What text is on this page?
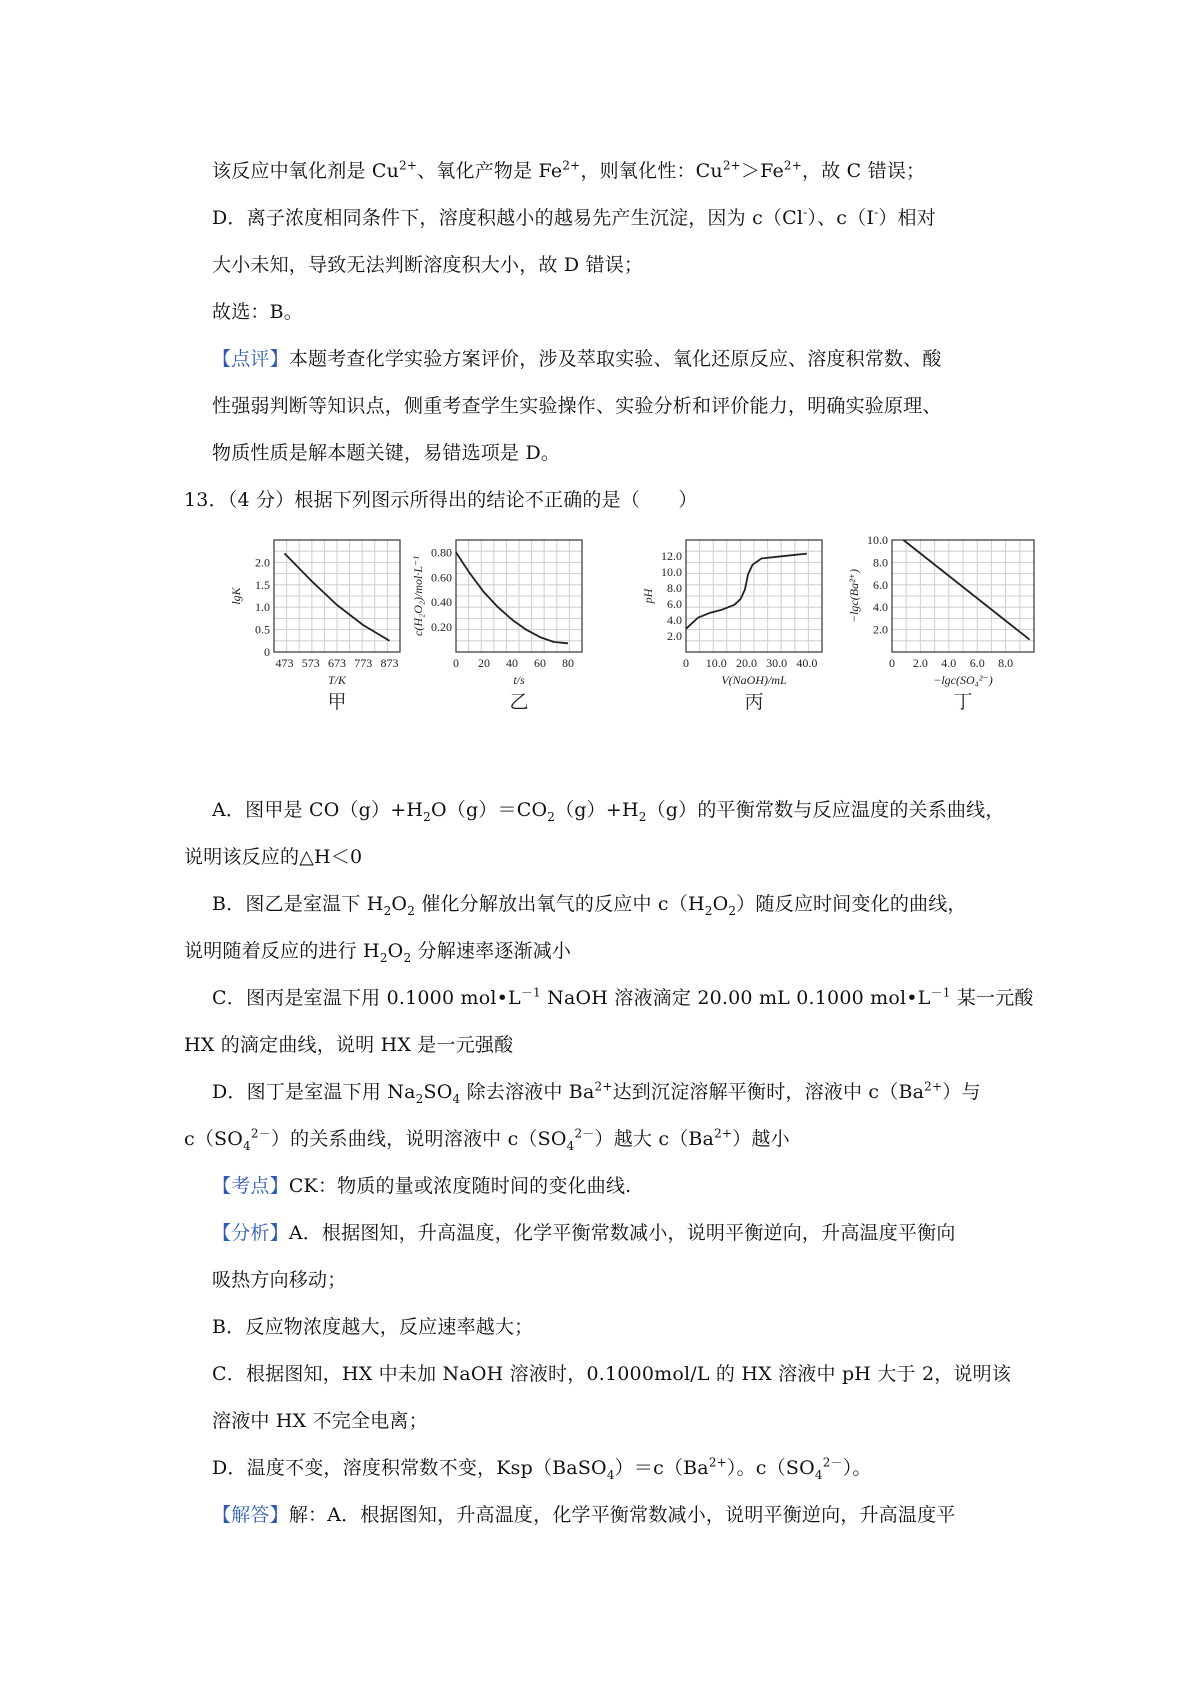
该反应中氧化剂是 $Cu^{2+}$、氧化产物是 $Fe^{2+}$，则氧化性：$Cu^{2+}>Fe^{2+}$，故 C 错误；
D．离子浓度相同条件下，溶度积越小的越易先产生沉淀，因为 c（Cl-）、c（I-）相对
大小未知，导致无法判断溶度积大小，故 D 错误；
故选：B。
【点评】本题考查化学实验方案评价，涉及萃取实验、氧化还原反应、溶度积常数、酸
性强弱判断等知识点，侧重考查学生实验操作、实验分析和评价能力，明确实验原理、
物质性质是解本题关键，易错选项是 D。
13．（4 分）根据下列图示所得出的结论不正确的是（　　）
473 573 673 773 873
0
0.5
1.0
1.5
2.0
T/K
lgK
甲
0 20 40 60 80
0.20
0.40
0.60
0.80
t/s
c(H₂O₂)/mol·L⁻¹
乙
0 10.0 20.0 30.0 40.0
2.0
4.0
6.0
8.0
10.0
12.0
V(NaOH)/mL
pH
丙
0 2.0 4.0 6.0 8.0
2.0
4.0
6.0
8.0
10.0
−lgc(SO₄²⁻)
−lgc(Ba²⁺)
丁
A．图甲是 $CO(g)+H_2O(g)=CO_2(g)+H_2(g)$的平衡常数与反应温度的关系曲线，
说明该反应的△H＜0
B．图乙是室温下 $H_2O_2$ 催化分解放出氧气的反应中 $c(H_2O_2)$随反应时间变化的曲线，
说明随着反应的进行 $H_2O_2$ 分解速率逐渐减小
C．图丙是室温下用 0.1000 $mol•L^{-1}$ NaOH 溶液滴定 20.00 mL 0.1000 $mol•L^{-1}$ 某一元酸
HX 的滴定曲线，说明 HX 是一元强酸
D．图丁是室温下用 $Na_2SO_4$ 除去溶液中 $Ba^{2+}$达到沉淀溶解平衡时，溶液中 $c(Ba^{2+})$与
$c(SO_4^{2-})$的关系曲线，说明溶液中 $c(SO_4^{2-})$越大 $c(Ba^{2+})$越小
【考点】CK：物质的量或浓度随时间的变化曲线.
【分析】A．根据图知，升高温度，化学平衡常数减小，说明平衡逆向，升高温度平衡向
吸热方向移动；
B．反应物浓度越大，反应速率越大；
C．根据图知，HX 中未加 NaOH 溶液时，0.1000mol/L 的 HX 溶液中 pH 大于 2，说明该
溶液中 HX 不完全电离；
D．温度不变，溶度积常数不变，$Ksp(BaSO_4)=c(Ba^{2+})$。$c(SO_4^{2-})$。
【解答】解：A．根据图知，升高温度，化学平衡常数减小，说明平衡逆向，升高温度平
